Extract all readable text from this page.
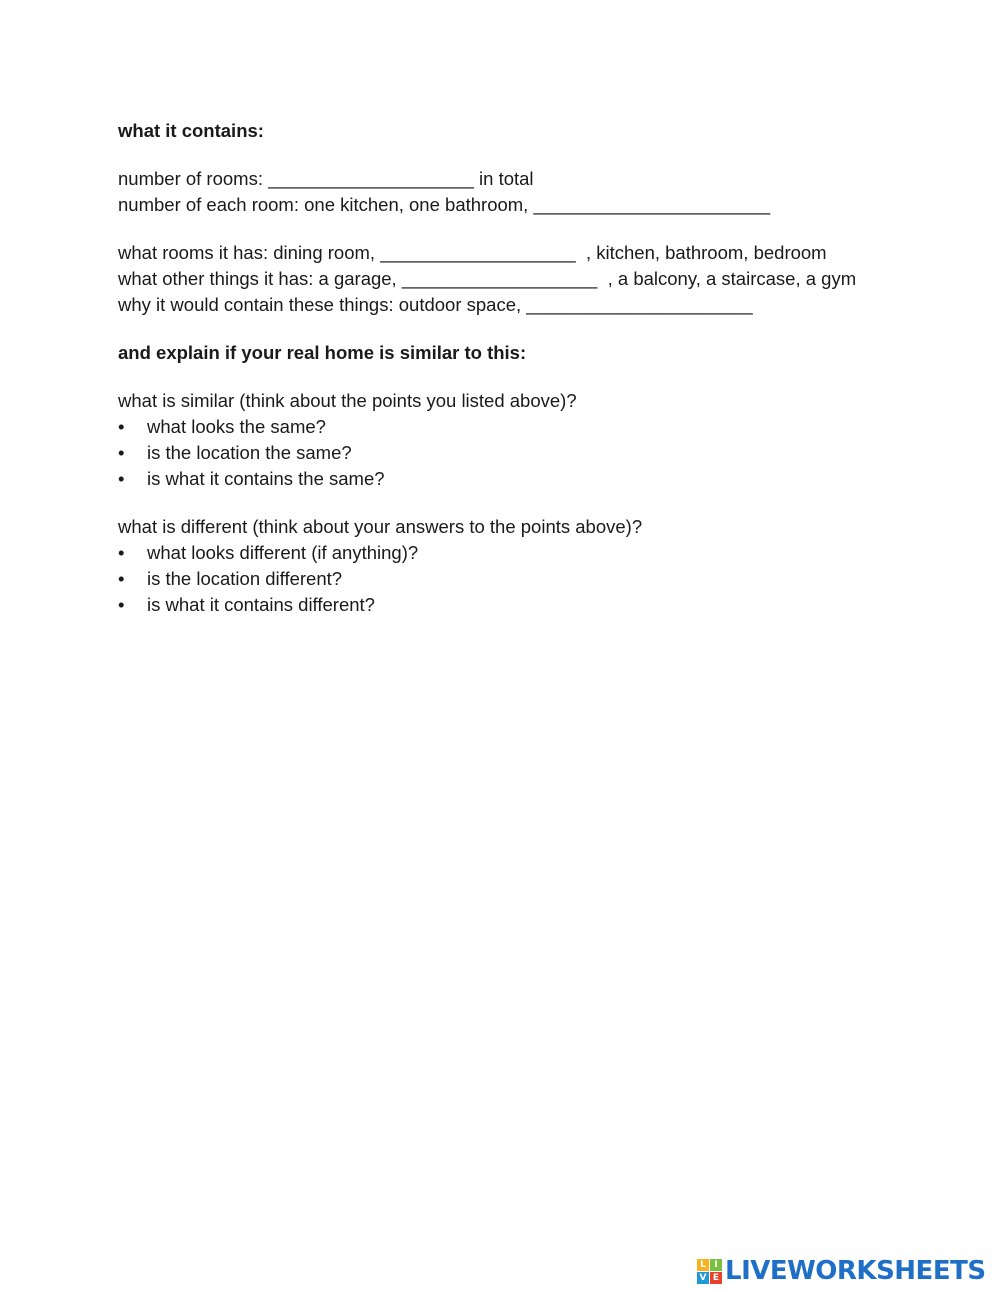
what it contains:
number of rooms: ____________________ in total
number of each room: one kitchen, one bathroom, _______________________
what rooms it has: dining room, ___________________  , kitchen, bathroom, bedroom
what other things it has: a garage, ___________________  , a balcony, a staircase, a gym
why it would contain these things: outdoor space, ______________________
and explain if your real home is similar to this:
what is similar (think about the points you listed above)?
• what looks the same?
• is the location the same?
• is what it contains the same?
what is different (think about your answers to the points above)?
• what looks different (if anything)?
• is the location different?
• is what it contains different?
L I
V E LIVEWORKSHEETS
